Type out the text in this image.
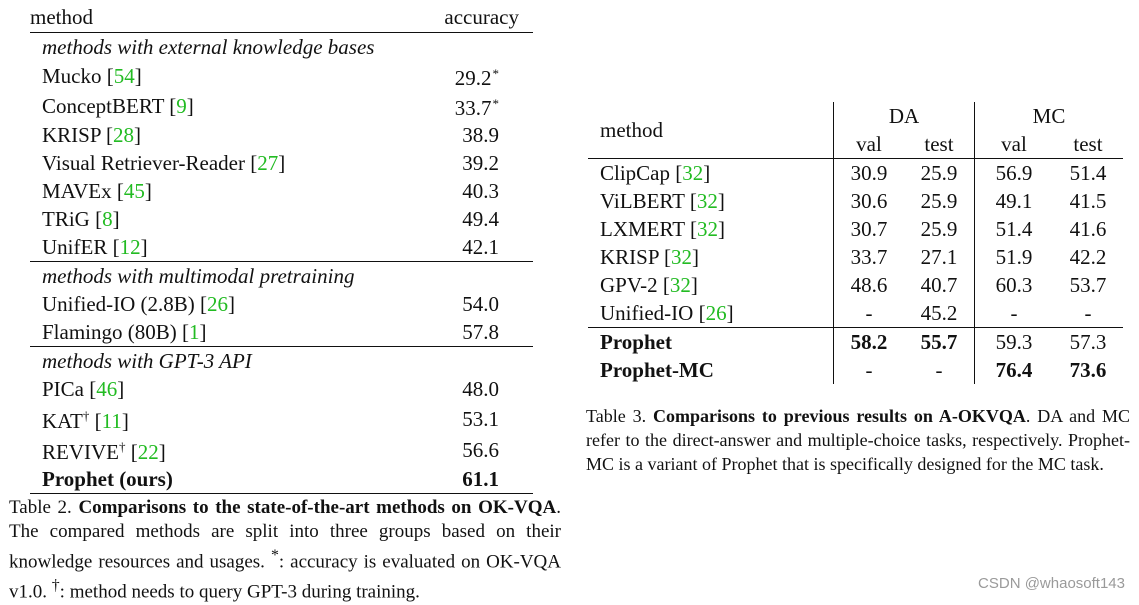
method	accuracy
methods with external knowledge bases	
Mucko [54]	29.2*
ConceptBERT [9]	33.7*
KRISP [28]	38.9
Visual Retriever-Reader [27]	39.2
MAVEx [45]	40.3
TRiG [8]	49.4
UnifER [12]	42.1
methods with multimodal pretraining	
Unified-IO (2.8B) [26]	54.0
Flamingo (80B) [1]	57.8
methods with GPT-3 API	
PICa [46]	48.0
KAT† [11]	53.1
REVIVE† [22]	56.6
Prophet (ours)	61.1
Table 2. Comparisons to the state-of-the-art methods on OK-VQA. The compared methods are split into three groups based on their knowledge resources and usages. *: accuracy is evaluated on OK-VQA v1.0. †: method needs to query GPT-3 during training.
method	DA		MC	
	val	test	val	test
ClipCap [32]	30.9	25.9	56.9	51.4
ViLBERT [32]	30.6	25.9	49.1	41.5
LXMERT [32]	30.7	25.9	51.4	41.6
KRISP [32]	33.7	27.1	51.9	42.2
GPV-2 [32]	48.6	40.7	60.3	53.7
Unified-IO [26]	-	45.2	-	-
Prophet	58.2	55.7	59.3	57.3
Prophet-MC	-	-	76.4	73.6
Table 3. Comparisons to previous results on A-OKVQA. DA and MC refer to the direct-answer and multiple-choice tasks, respectively. Prophet-MC is a variant of Prophet that is specifically designed for the MC task.
CSDN @whaosoft143
